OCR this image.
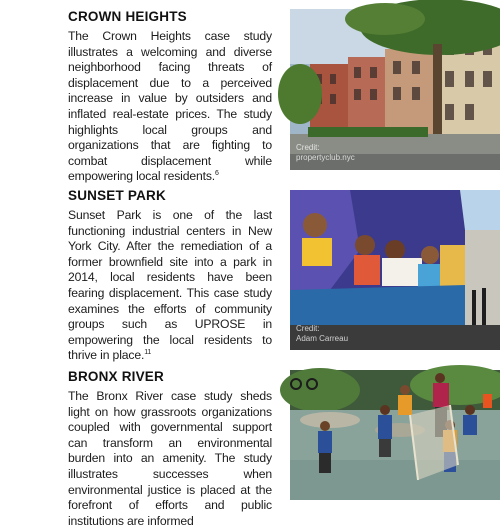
CROWN HEIGHTS

The Crown Heights case study illustrates a welcoming and diverse neighborhood facing threats of displacement due to a perceived increase in value by outsiders and inflated real-estate prices. The study highlights local groups and organizations that are fighting to combat displacement while empowering local residents.$^6$

Credit:
propertyclub.nyc
SUNSET PARK

Sunset Park is one of the last functioning industrial centers in New York City. After the remediation of a former brownfield site into a park in 2014, local residents have been fearing displacement. This case study examines the efforts of community groups such as UPROSE in empowering the local residents to thrive in place.$^{11}$

Credit:
Adam Carreau
BRONX RIVER

The Bronx River case study sheds light on how grassroots organizations coupled with governmental support can transform an environmental burden into an amenity. The study illustrates successes when environmental justice is placed at the forefront of efforts and public institutions are informed
